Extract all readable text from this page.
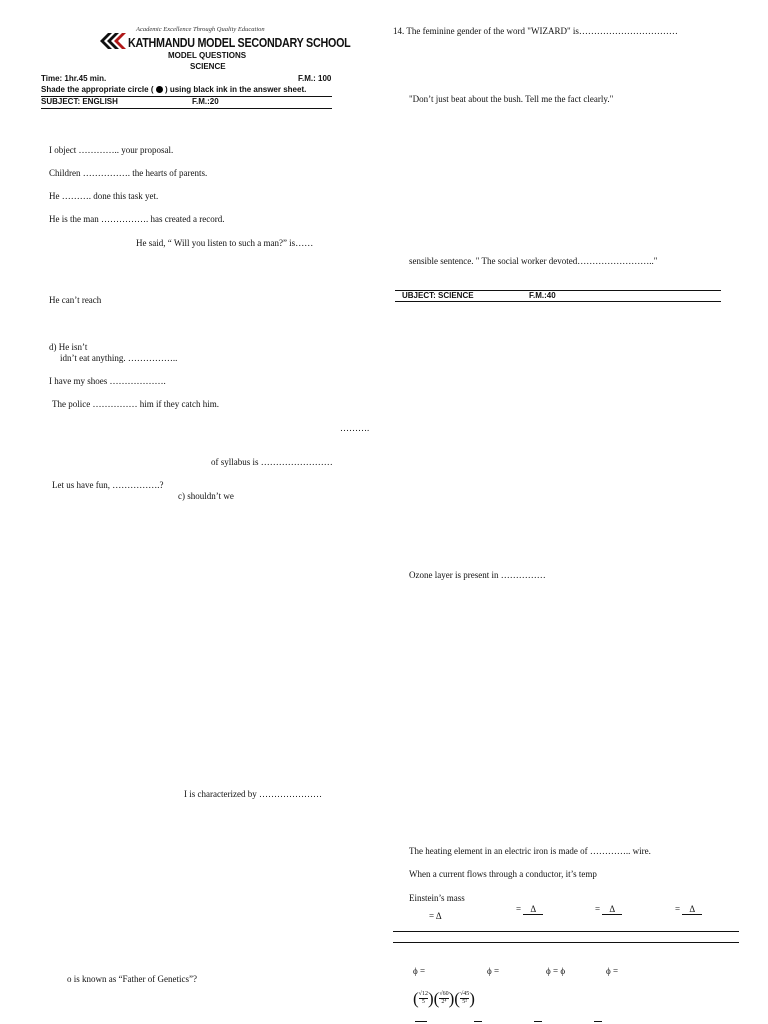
Academic Excellence Through Quality Education
KATHMANDU MODEL SECONDARY SCHOOL
MODEL QUESTIONS
SCIENCE
Time: 1hr.45 min.	F.M.: 100
Shade the appropriate circle ( ) using black ink in the answer sheet.
SUBJECT: ENGLISH	F.M.:20
I object ………….. your proposal.
Children ……………. the hearts of parents.
He ………. done this task yet.
He is the man ……………. has created a record.
He said, “ Will you listen to such a man?” is……
He can’t reach
d) He isn’t
idn’t eat anything. ……………..
I have my shoes ……………….
The police …………… him if they catch him.
……….
of syllabus is ……………………
Let us have fun, …………….?
c) shouldn’t we
I is characterized by …………………
o is known as “Father of Genetics”?
14. The feminine gender of the word "WIZARD" is……………………………
"Don’t just beat about the bush. Tell me the fact clearly."
sensible sentence. " The social worker devoted…………………….."
UBJECT: SCIENCE	F.M.:40
Ozone layer is present in ……………
The heating element in an electric iron is made of ………….. wire.
When a current flows through a conductor, it’s temp
Einstein’s mass
= Δ
= Δ	= Δ	= Δ
ϕ =	ϕ =	ϕ = ϕ	ϕ =
( $\frac{√12}{5}$ )( $\frac{√60}{\text{2⁴}}$ )( $\frac{√45}{\text{5²}}$ )
